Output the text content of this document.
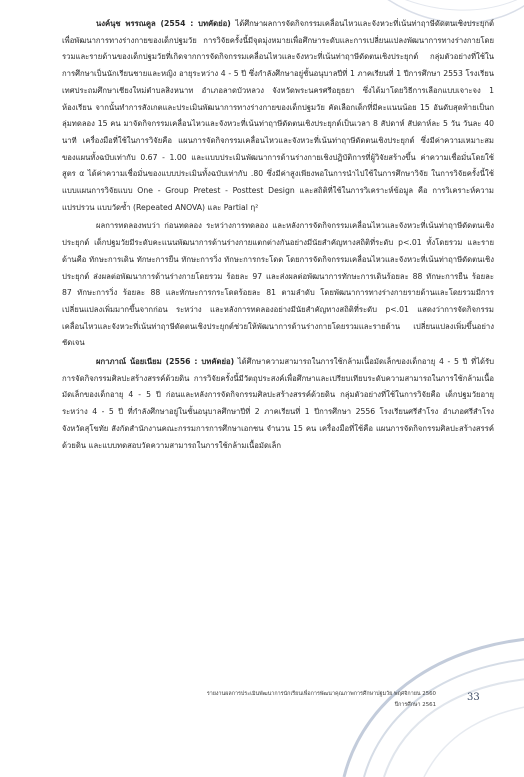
นงค์นุช พรรณคูล (2554 : บทคัดย่อ) ได้ศึกษาผลการจัดกิจกรรมเคลื่อนไหวและจังหวะที่เน้นท่าฤาษีดัดตนเชิงประยุกต์เพื่อพัฒนาการทางร่างกายของเด็กปฐมวัย การวิจัยครั้งนี้มีจุดมุ่งหมายเพื่อศึกษาระดับและการเปลี่ยนแปลงพัฒนาการทางร่างกายโดยรวมและรายด้านของเด็กปฐมวัยที่เกิดจากการจัดกิจกรรมเคลื่อนไหวและจังหวะที่เน้นท่าฤาษีดัดตนเชิงประยุกต์ กลุ่มตัวอย่างที่ใช้ในการศึกษาเป็นนักเรียนชายและหญิง อายุระหว่าง 4 - 5 ปี ซึ่งกำลังศึกษาอยู่ชั้นอนุบาลปีที่ 1 ภาคเรียนที่ 1 ปีการศึกษา 2553 โรงเรียนเทศประถมศึกษาเชียงใหม่ตำบลสิงหนาท อำเภอลาดบัวหลวง จังหวัดพระนครศรีอยุธยา ซึ่งได้มาโดยวิธีการเลือกแบบเจาะจง 1 ห้องเรียน จากนั้นทำการสังเกตและประเมินพัฒนาการทางร่างกายของเด็กปฐมวัย คัดเลือกเด็กที่มีคะแนนน้อย 15 อันดับสุดท้ายเป็นกลุ่มทดลอง 15 คน มาจัดกิจกรรมเคลื่อนไหวและจังหวะที่เน้นท่าฤาษีดัดตนเชิงประยุกต์เป็นเวลา 8 สัปดาห์ สัปดาห์ละ 5 วัน วันละ 40 นาที เครื่องมือที่ใช้ในการวิจัยคือ แผนการจัดกิจกรรมเคลื่อนไหวและจังหวะที่เน้นท่าฤาษีดัดตนเชิงประยุกต์ ซึ่งมีค่าความเหมาะสมของแผนทั้งฉบับเท่ากับ 0.67 - 1.00 และแบบประเมินพัฒนาการด้านร่างกายเชิงปฏิบัติการที่ผู้วิจัยสร้างขึ้น ค่าความเชื่อมั่นโดยใช้สูตร α ได้ค่าความเชื่อมั่นของแบบประเมินทั้งฉบับเท่ากับ .80 ซึ่งมีค่าสูงเพียงพอในการนำไปใช้ในการศึกษาวิจัย ในการวิจัยครั้งนี้ใช้แบบแผนการวิจัยแบบ One - Group Pretest - Posttest Design และสถิติที่ใช้ในการวิเคราะห์ข้อมูล คือ การวิเคราะห์ความแปรปรวน แบบวัดซ้ำ (Repeated ANOVA) และ Partial η²

ผลการทดลองพบว่า ก่อนทดลอง ระหว่างการทดลอง และหลังการจัดกิจกรรมเคลื่อนไหวและจังหวะที่เน้นท่าฤาษีดัดตนเชิงประยุกต์ เด็กปฐมวัยมีระดับคะแนนพัฒนาการด้านร่างกายแตกต่างกันอย่างมีนัยสำคัญทางสถิติที่ระดับ p<.01 ทั้งโดยรวม และรายด้านคือ ทักษะการเดิน ทักษะการยืน ทักษะการวิ่ง ทักษะการกระโดด โดยการจัดกิจกรรมเคลื่อนไหวและจังหวะที่เน้นท่าฤาษีดัดตนเชิงประยุกต์ ส่งผลต่อพัฒนาการด้านร่างกายโดยรวม ร้อยละ 97 และส่งผลต่อพัฒนาการทักษะการเดินร้อยละ 88 ทักษะการยืน ร้อยละ 87 ทักษะการวิ่ง ร้อยละ 88 และทักษะการกระโดดร้อยละ 81 ตามลำดับ โดยพัฒนาการทางร่างกายรายด้านและโดยรวมมีการเปลี่ยนแปลงเพิ่มมากขึ้นจากก่อน ระหว่าง และหลังการทดลองอย่างมีนัยสำคัญทางสถิติที่ระดับ p<.01 แสดงว่าการจัดกิจกรรมเคลื่อนไหวและจังหวะที่เน้นท่าฤาษีดัดตนเชิงประยุกต์ช่วยให้พัฒนาการด้านร่างกายโดยรวมและรายด้าน เปลี่ยนแปลงเพิ่มขึ้นอย่างชัดเจน

ผกาภาณ์ น้อยเนียม (2556 : บทคัดย่อ) ได้ศึกษาความสามารถในการใช้กล้ามเนื้อมัดเล็กของเด็กอายุ 4 - 5 ปี ที่ได้รับการจัดกิจกรรมศิลปะสร้างสรรค์ด้วยดิน การวิจัยครั้งนี้มีวัตถุประสงค์เพื่อศึกษาและเปรียบเทียบระดับความสามารถในการใช้กล้ามเนื้อมัดเล็กของเด็กอายุ 4 - 5 ปี ก่อนและหลังการจัดกิจกรรมศิลปะสร้างสรรค์ด้วยดิน กลุ่มตัวอย่างที่ใช้ในการวิจัยคือ เด็กปฐมวัยอายุระหว่าง 4 - 5 ปี ที่กำลังศึกษาอยู่ในชั้นอนุบาลศึกษาปีที่ 2 ภาคเรียนที่ 1 ปีการศึกษา 2556 โรงเรียนศรีสำโรง อำเภอศรีสำโรง จังหวัดสุโขทัย สังกัดสำนักงานคณะกรรมการการศึกษาเอกชน จำนวน 15 คน เครื่องมือที่ใช้คือ แผนการจัดกิจกรรมศิลปะสร้างสรรค์ด้วยดิน และแบบทดสอบวัดความสามารถในการใช้กล้ามเนื้อมัดเล็ก

รายงานผลการประเมินพัฒนาการนักเรียนเพื่อการพัฒนาคุณภาพการศึกษาปฐมวัย พฤศจิกายน 2560
ปีการศึกษา 2561
33
